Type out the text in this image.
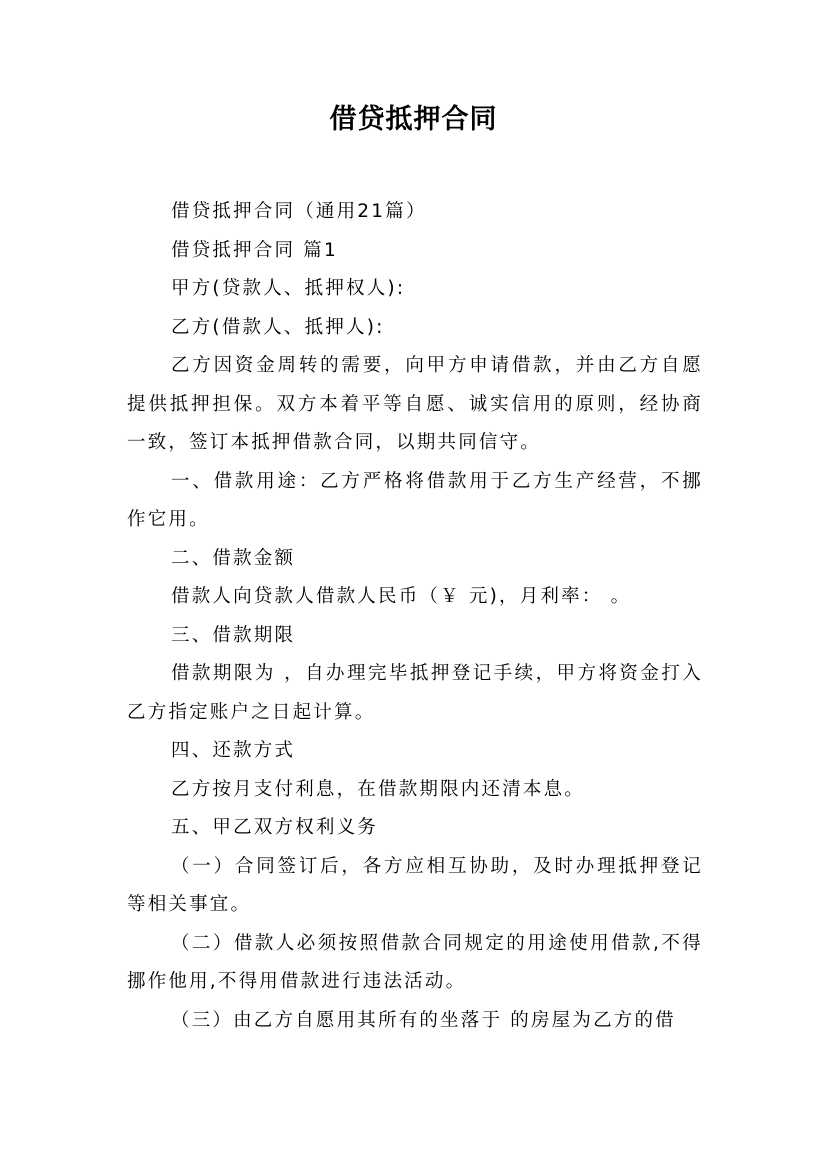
借贷抵押合同

借贷抵押合同（通用21篇）

借贷抵押合同 篇1

甲方(贷款人、抵押权人):

乙方(借款人、抵押人):

乙方因资金周转的需要，向甲方申请借款，并由乙方自愿提供抵押担保。双方本着平等自愿、诚实信用的原则，经协商一致，签订本抵押借款合同，以期共同信守。

一、借款用途：乙方严格将借款用于乙方生产经营，不挪作它用。

二、借款金额

借款人向贷款人借款人民币（￥ 元)，月利率： 。

三、借款期限

借款期限为 ，自办理完毕抵押登记手续，甲方将资金打入乙方指定账户之日起计算。

四、还款方式

乙方按月支付利息，在借款期限内还清本息。

五、甲乙双方权利义务

（一）合同签订后，各方应相互协助，及时办理抵押登记等相关事宜。

（二）借款人必须按照借款合同规定的用途使用借款,不得挪作他用,不得用借款进行违法活动。

（三）由乙方自愿用其所有的坐落于 的房屋为乙方的借
